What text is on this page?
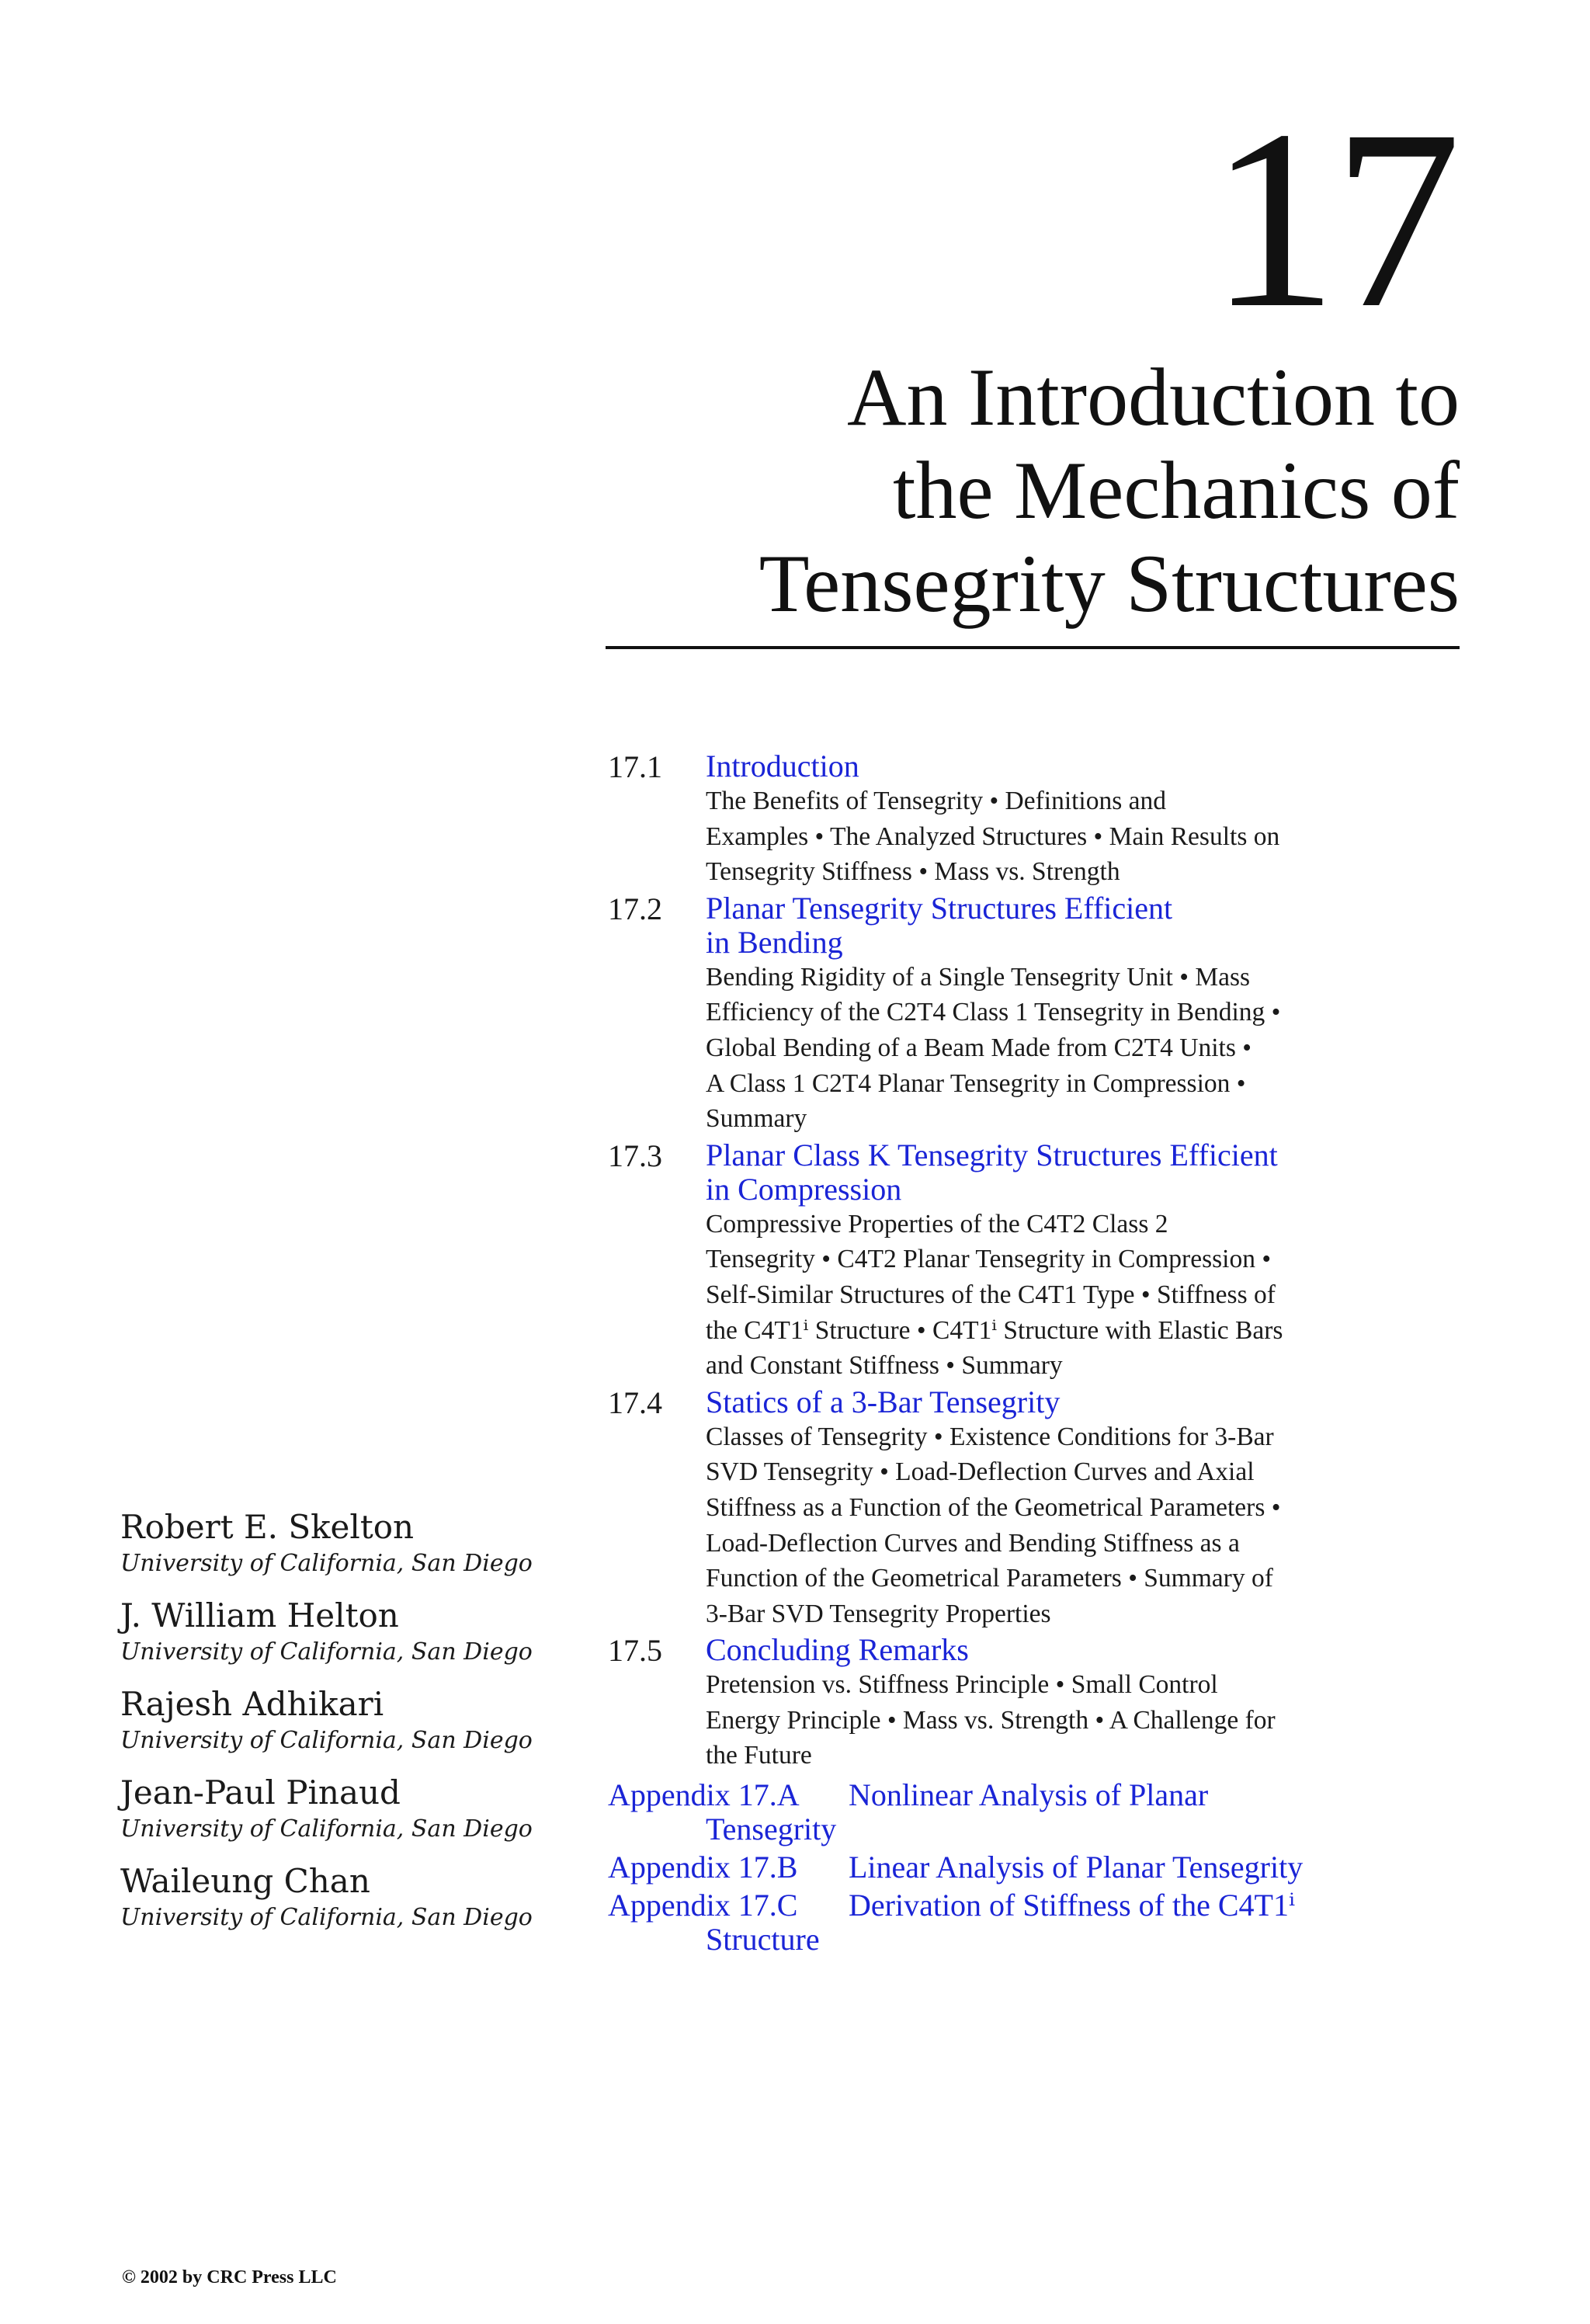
17
An Introduction to
the Mechanics of
Tensegrity Structures
17.1 Introduction
The Benefits of Tensegrity • Definitions and
Examples • The Analyzed Structures • Main Results on
Tensegrity Stiffness • Mass vs. Strength
17.2 Planar Tensegrity Structures Efficient
in Bending
Bending Rigidity of a Single Tensegrity Unit • Mass
Efficiency of the C2T4 Class 1 Tensegrity in Bending •
Global Bending of a Beam Made from C2T4 Units •
A Class 1 C2T4 Planar Tensegrity in Compression •
Summary
17.3 Planar Class K Tensegrity Structures Efficient
in Compression
Compressive Properties of the C4T2 Class 2
Tensegrity • C4T2 Planar Tensegrity in Compression •
Self-Similar Structures of the C4T1 Type • Stiffness of
the C4T1ⁱ Structure • C4T1ⁱ Structure with Elastic Bars
and Constant Stiffness • Summary
17.4 Statics of a 3-Bar Tensegrity
Classes of Tensegrity • Existence Conditions for 3-Bar
SVD Tensegrity • Load-Deflection Curves and Axial
Stiffness as a Function of the Geometrical Parameters •
Load-Deflection Curves and Bending Stiffness as a
Function of the Geometrical Parameters • Summary of
3-Bar SVD Tensegrity Properties
17.5 Concluding Remarks
Pretension vs. Stiffness Principle • Small Control
Energy Principle • Mass vs. Strength • A Challenge for
the Future
Appendix 17.A Nonlinear Analysis of Planar
Tensegrity
Appendix 17.B Linear Analysis of Planar Tensegrity
Appendix 17.C Derivation of Stiffness of the C4T1ⁱ
Structure
Robert E. Skelton
University of California, San Diego
J. William Helton
University of California, San Diego
Rajesh Adhikari
University of California, San Diego
Jean-Paul Pinaud
University of California, San Diego
Waileung Chan
University of California, San Diego
© 2002 by CRC Press LLC
